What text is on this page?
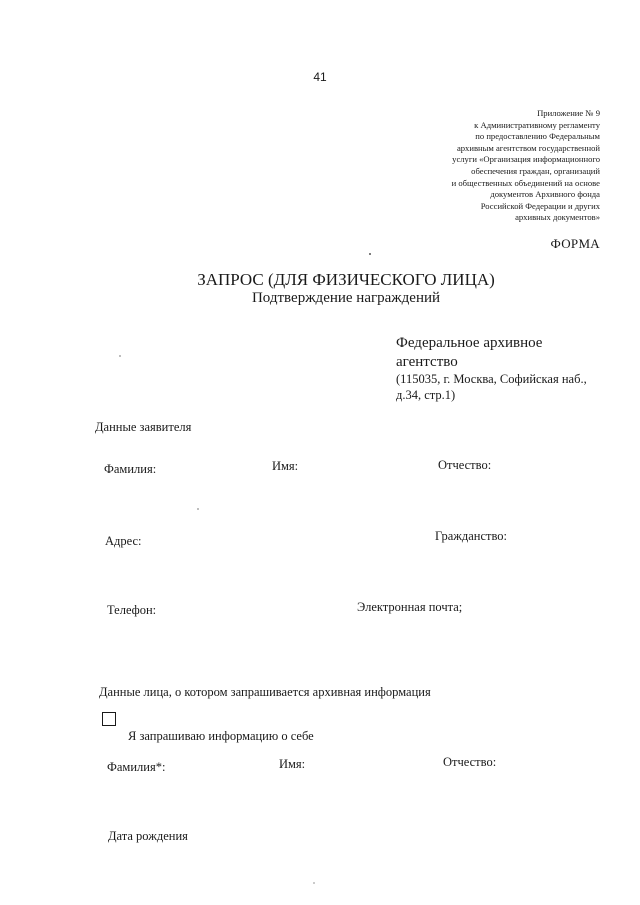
41
Приложение № 9
к Административному регламенту
по предоставлению Федеральным
архивным агентством государственной
услуги «Организация информационного
обеспечения граждан, организаций
и общественных объединений на основе
документов Архивного фонда
Российской Федерации и других
архивных документов»
ФОРМА
ЗАПРОС (ДЛЯ ФИЗИЧЕСКОГО ЛИЦА)
Подтверждение награждений
Федеральное архивное
агентство
(115035, г. Москва, Софийская наб.,
д.34, стр.1)
Данные заявителя
Фамилия:	Имя:	Отчество:
Адрес:	Гражданство:
Телефон:	Электронная почта;
Данные лица, о котором запрашивается архивная информация
Я запрашиваю информацию о себе
Фамилия*:	Имя:	Отчество:
Дата рождения
